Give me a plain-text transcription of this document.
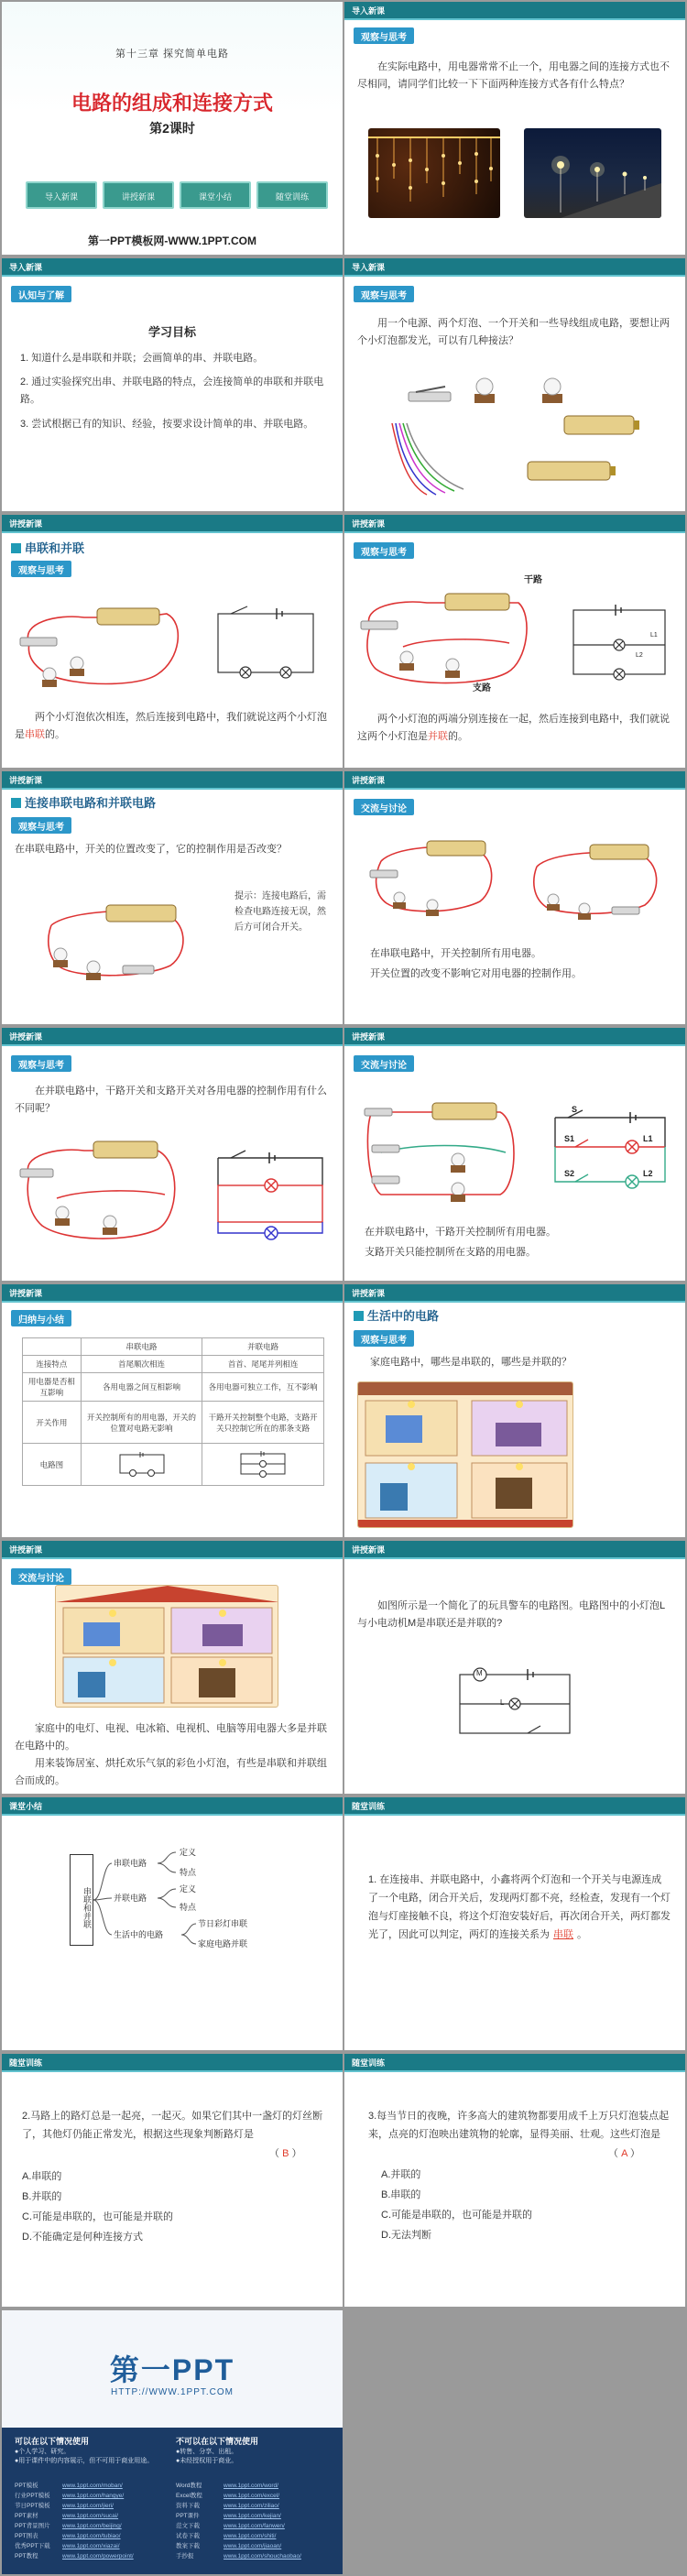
第十三章 探究简单电路
电路的组成和连接方式
第2课时
导入新课	讲授新课	课堂小结	随堂训练
第一PPT模板网-WWW.1PPT.COM
导入新课
观察与思考
在实际电路中，用电器常常不止一个，用电器之间的连接方式也不尽相同，请同学们比较一下下面两种连接方式各有什么特点？
导入新课
认知与了解
学习目标
1. 知道什么是串联和并联；会画简单的串、并联电路。
2. 通过实验探究出串、并联电路的特点，会连接简单的串联和并联电路。
3. 尝试根据已有的知识、经验，按要求设计简单的串、并联电路。
导入新课
观察与思考
用一个电源、两个灯泡、一个开关和一些导线组成电路，要想让两个小灯泡都发光，可以有几种接法？
讲授新课
串联和并联
观察与思考
两个小灯泡依次相连，然后连接到电路中，我们就说这两个小灯泡是串联的。
讲授新课
观察与思考
干路
支路
L1
L2
两个小灯泡的两端分别连接在一起，然后连接到电路中，我们就说这两个小灯泡是并联的。
讲授新课
连接串联电路和并联电路
观察与思考
在串联电路中，开关的位置改变了，它的控制作用是否改变？
提示：连接电路后，需检查电路连接无误，然后方可闭合开关。
讲授新课
交流与讨论
在串联电路中，开关控制所有用电器。
开关位置的改变不影响它对用电器的控制作用。
讲授新课
观察与思考
在并联电路中，干路开关和支路开关对各用电器的控制作用有什么不同呢？
讲授新课
交流与讨论
S
S1
S2
L1
L2
在并联电路中，干路开关控制所有用电器。
支路开关只能控制所在支路的用电器。
讲授新课
归纳与小结
	串联电路	并联电路
连接特点	首尾顺次相连	首首、尾尾并列相连
用电器是否相互影响	各用电器之间互相影响	各用电器可独立工作，互不影响
开关作用	开关控制所有的用电器，开关的位置对电路无影响	干路开关控制整个电路，支路开关只控制它所在的那条支路
电路图		
讲授新课
生活中的电路
观察与思考
家庭电路中，哪些是串联的，哪些是并联的？
讲授新课
交流与讨论
家庭中的电灯、电视、电冰箱、电视机、电脑等用电器大多是并联在电路中的。
用来装饰居室、烘托欢乐气氛的彩色小灯泡，有些是串联和并联组合而成的。
讲授新课
如图所示是一个简化了的玩具警车的电路图。电路图中的小灯泡L与小电动机M是串联还是并联的?
M
L
课堂小结
串联和并联
串联电路
并联电路
生活中的电路
定义
特点
定义
特点
节日彩灯串联
家庭电路并联
随堂训练
1. 在连接串、并联电路中，小鑫将两个灯泡和一个开关与电源连成了一个电路，闭合开关后，发现两灯都不亮，经检查，发现有一个灯泡与灯座接触不良，将这个灯泡安装好后，再次闭合开关，两灯都发光了，因此可以判定，两灯的连接关系为 串联 。
随堂训练
2.马路上的路灯总是一起亮，一起灭。如果它们其中一盏灯的灯丝断了，其他灯仍能正常发光，根据这些现象判断路灯是
（ B ）
A.串联的
B.并联的
C.可能是串联的，也可能是并联的
D.不能确定是何种连接方式
随堂训练
3.每当节日的夜晚，许多高大的建筑物都要用成千上万只灯泡装点起来，点亮的灯泡映出建筑物的轮廓，显得美丽、壮观。这些灯泡是
（ A ）
A.并联的
B.串联的
C.可能是串联的，也可能是并联的
D.无法判断
第一PPT
HTTP://WWW.1PPT.COM
可以在以下情况使用
●个人学习、研究。
●用于课件中的内容展示，但不可用于商业用途。
不可以在以下情况使用
●转售、分享、出租。
●未经授权用于商业。
PPT模板	www.1ppt.com/moban/
行业PPT模板 www.1ppt.com/hangye/
节日PPT模板 www.1ppt.com/jieri/
PPT素材	www.1ppt.com/sucai/
PPT背景图片 www.1ppt.com/beijing/
PPT图表	www.1ppt.com/tubiao/
优秀PPT下载 www.1ppt.com/xiazai/
PPT教程	www.1ppt.com/powerpoint/
Word教程	www.1ppt.com/word/
Excel教程	www.1ppt.com/excel/
资料下载	www.1ppt.com/ziliao/
PPT课件	www.1ppt.com/kejian/
范文下载	www.1ppt.com/fanwen/
试卷下载	www.1ppt.com/shiti/
教案下载	www.1ppt.com/jiaoan/
手抄报	www.1ppt.com/shouchaobao/
